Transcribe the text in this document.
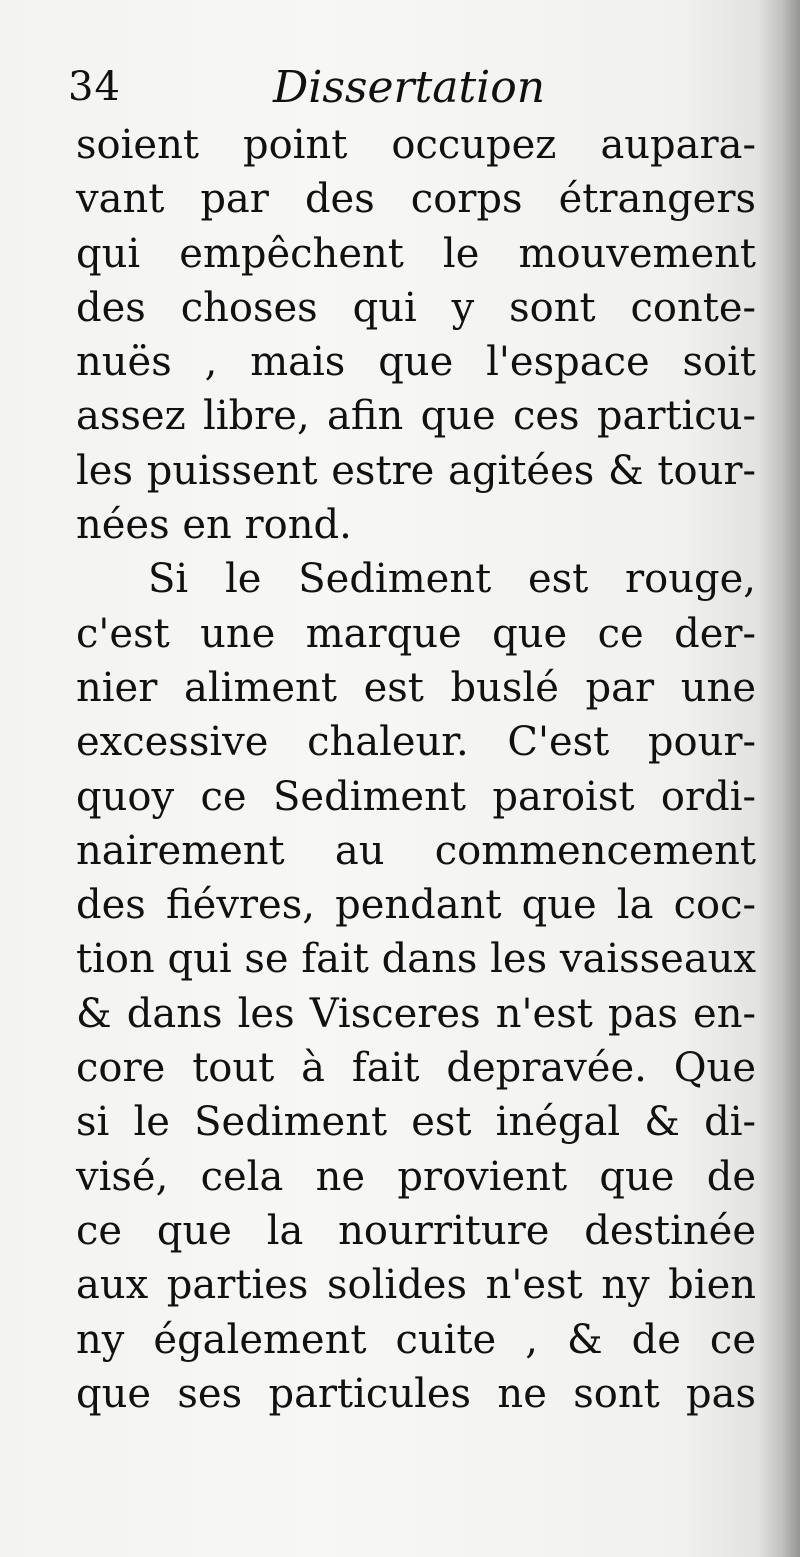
34	Dissertation
soient point occupez aupara-
vant par des corps étrangers
qui empêchent le mouvement
des choses qui y sont conte-
nuës , mais que l'espace soit
assez libre, afin que ces particu-
les puissent estre agitées & tour-
nées en rond.
Si le Sediment est rouge,
c'est une marque que ce der-
nier aliment est buslé par une
excessive chaleur. C'est pour-
quoy ce Sediment paroist ordi-
nairement au commencement
des fiévres, pendant que la coc-
tion qui se fait dans les vaisseaux
& dans les Visceres n'est pas en-
core tout à fait depravée. Que
si le Sediment est inégal & di-
visé, cela ne provient que de
ce que la nourriture destinée
aux parties solides n'est ny bien
ny également cuite , & de ce
que ses particules ne sont pas
